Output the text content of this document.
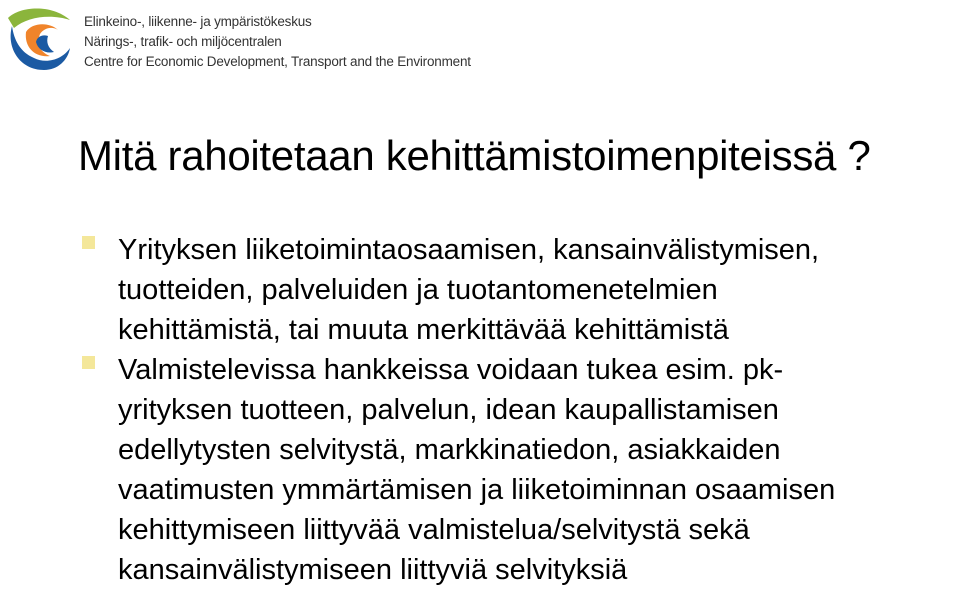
Elinkeino-, liikenne- ja ympäristökeskus
Närings-, trafik- och miljöcentralen
Centre for Economic Development, Transport and the Environment
Mitä rahoitetaan kehittämistoimenpiteissä ?
Yrityksen liiketoimintaosaamisen, kansainvälistymisen,
tuotteiden, palveluiden ja tuotantomenetelmien
kehittämistä, tai muuta merkittävää kehittämistä
Valmistelevissa hankkeissa voidaan tukea esim. pk-
yrityksen tuotteen, palvelun, idean kaupallistamisen
edellytysten selvitystä, markkinatiedon, asiakkaiden
vaatimusten ymmärtämisen ja liiketoiminnan osaamisen
kehittymiseen liittyvää valmistelua/selvitystä sekä
kansainvälistymiseen liittyviä selvityksiä
